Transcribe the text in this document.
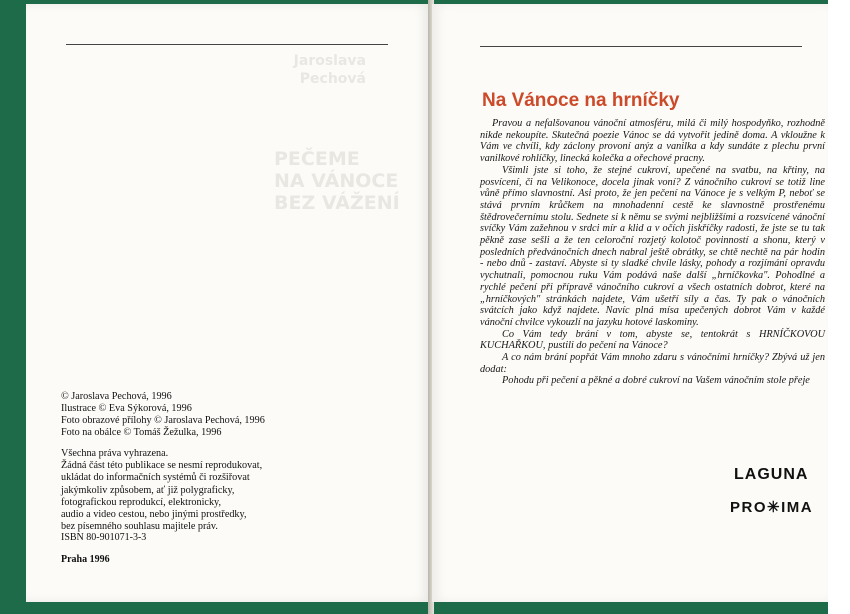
Jaroslava Pechová
PEČEME
NA VÁNOCE
BEZ VÁŽENÍ
© Jaroslava Pechová, 1996
Ilustrace © Eva Sýkorová, 1996
Foto obrazové přílohy © Jaroslava Pechová, 1996
Foto na obálce © Tomáš Žežulka, 1996
Všechna práva vyhrazena.
Žádná část této publikace se nesmí reprodukovat,
ukládat do informačních systémů či rozšiřovat
jakýmkoliv způsobem, ať již polygraficky,
fotografickou reprodukcí, elektronicky,
audio a video cestou, nebo jinými prostředky,
bez písemného souhlasu majitele práv.
ISBN 80-901071-3-3
Praha 1996
Na Vánoce na hrníčky

Pravou a nefalšovanou vánoční atmosféru, milá či milý hospodyňko, rozhodně nikde nekoupíte. Skutečná poezie Vánoc se dá vytvořit jedině doma. A vkloužne k Vám ve chvíli, kdy záclony provoní anýz a vanilka a kdy sundáte z plechu první vanilkové rohlíčky, linecká kolečka a ořechové pracny.

Všimli jste si toho, že stejné cukroví, upečené na svatbu, na křtiny, na posvícení, či na Velikonoce, docela jinak voní? Z vánočního cukroví se totiž line vůně přímo slavnostní. Asi proto, že jen pečení na Vánoce je s velkým P, neboť se stává prvním krůčkem na mnohadenní cestě ke slavnostně prostřenému štědrovečernímu stolu. Sednete si k němu se svými nejbližšími a rozsvícené vánoční svíčky Vám zažehnou v srdci mír a klid a v očích jiskříčky radosti, že jste se tu tak pěkně zase sešli a že ten celoroční rozjetý kolotoč povinností a shonu, který v posledních předvánočních dnech nabral ještě obrátky, se chtě nechtě na pár hodin - nebo dnů - zastaví. Abyste si ty sladké chvíle lásky, pohody a rozjímání opravdu vychutnali, pomocnou ruku Vám podává naše další „hrníčkovka". Pohodlné a rychlé pečení při přípravě vánočního cukroví a všech ostatních dobrot, které na „hrníčkových" stránkách najdete, Vám ušetří síly a čas. Ty pak o vánočních svátcích jako když najdete. Navíc plná mísa upečených dobrot Vám v každé vánoční chvilce vykouzlí na jazyku hotové laskominy.

Co Vám tedy brání v tom, abyste se, tentokrát s HRNÍČKOVOU KUCHAŘKOU, pustili do pečení na Vánoce?

A co nám brání popřát Vám mnoho zdaru s vánočními hrníčky? Zbývá už jen dodat:

Pohodu při pečení a pěkné a dobré cukroví na Vašem vánočním stole přeje

LAGUNA
PRO✳IMA
